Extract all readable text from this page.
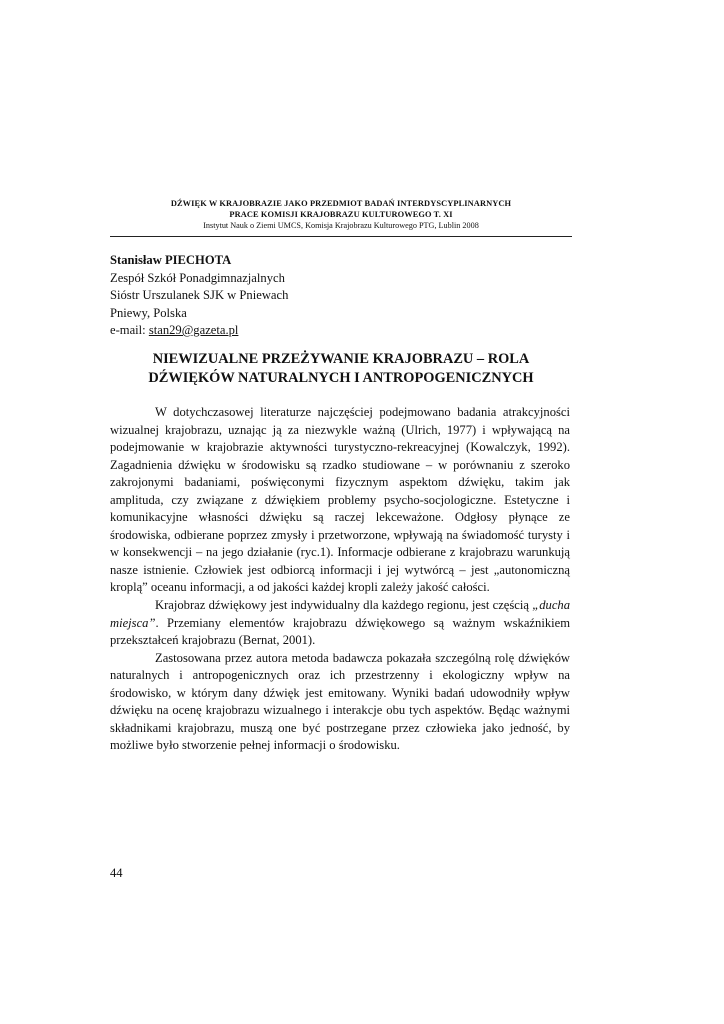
DŹWIĘK W KRAJOBRAZIE JAKO PRZEDMIOT BADAŃ INTERDYSCYPLINARNYCH
PRACE KOMISJI KRAJOBRAZU KULTUROWEGO T. XI
Instytut Nauk o Ziemi UMCS, Komisja Krajobrazu Kulturowego PTG, Lublin 2008
Stanisław PIECHOTA
Zespół Szkół Ponadgimnazjalnych
Sióstr Urszulanek SJK w Pniewach
Pniewy, Polska
e-mail: stan29@gazeta.pl
NIEWIZUALNE PRZEŻYWANIE KRAJOBRAZU – ROLA
DŹWIĘKÓW NATURALNYCH I ANTROPOGENICZNYCH

W dotychczasowej literaturze najczęściej podejmowano badania atrakcyjności wizualnej krajobrazu, uznając ją za niezwykle ważną (Ulrich, 1977) i wpływającą na podejmowanie w krajobrazie aktywności turystyczno-rekreacyjnej (Kowalczyk, 1992). Zagadnienia dźwięku w środowisku są rzadko studiowane – w porównaniu z szeroko zakrojonymi badaniami, poświęconymi fizycznym aspektom dźwięku, takim jak amplituda, czy związane z dźwiękiem problemy psycho-socjologiczne. Estetyczne i komunikacyjne własności dźwięku są raczej lekceważone. Odgłosy płynące ze środowiska, odbierane poprzez zmysły i przetworzone, wpływają na świadomość turysty i w konsekwencji – na jego działanie (ryc.1). Informacje odbierane z krajobrazu warunkują nasze istnienie. Człowiek jest odbiorcą informacji i jej wytwórcą – jest „autonomiczną kroplą” oceanu informacji, a od jakości każdej kropli zależy jakość całości.

Krajobraz dźwiękowy jest indywidualny dla każdego regionu, jest częścią „ducha miejsca”. Przemiany elementów krajobrazu dźwiękowego są ważnym wskaźnikiem przekształceń krajobrazu (Bernat, 2001).

Zastosowana przez autora metoda badawcza pokazała szczególną rolę dźwięków naturalnych i antropogenicznych oraz ich przestrzenny i ekologiczny wpływ na środowisko, w którym dany dźwięk jest emitowany. Wyniki badań udowodniły wpływ dźwięku na ocenę krajobrazu wizualnego i interakcje obu tych aspektów. Będąc ważnymi składnikami krajobrazu, muszą one być postrzegane przez człowieka jako jedność, by możliwe było stworzenie pełnej informacji o środowisku.

44
